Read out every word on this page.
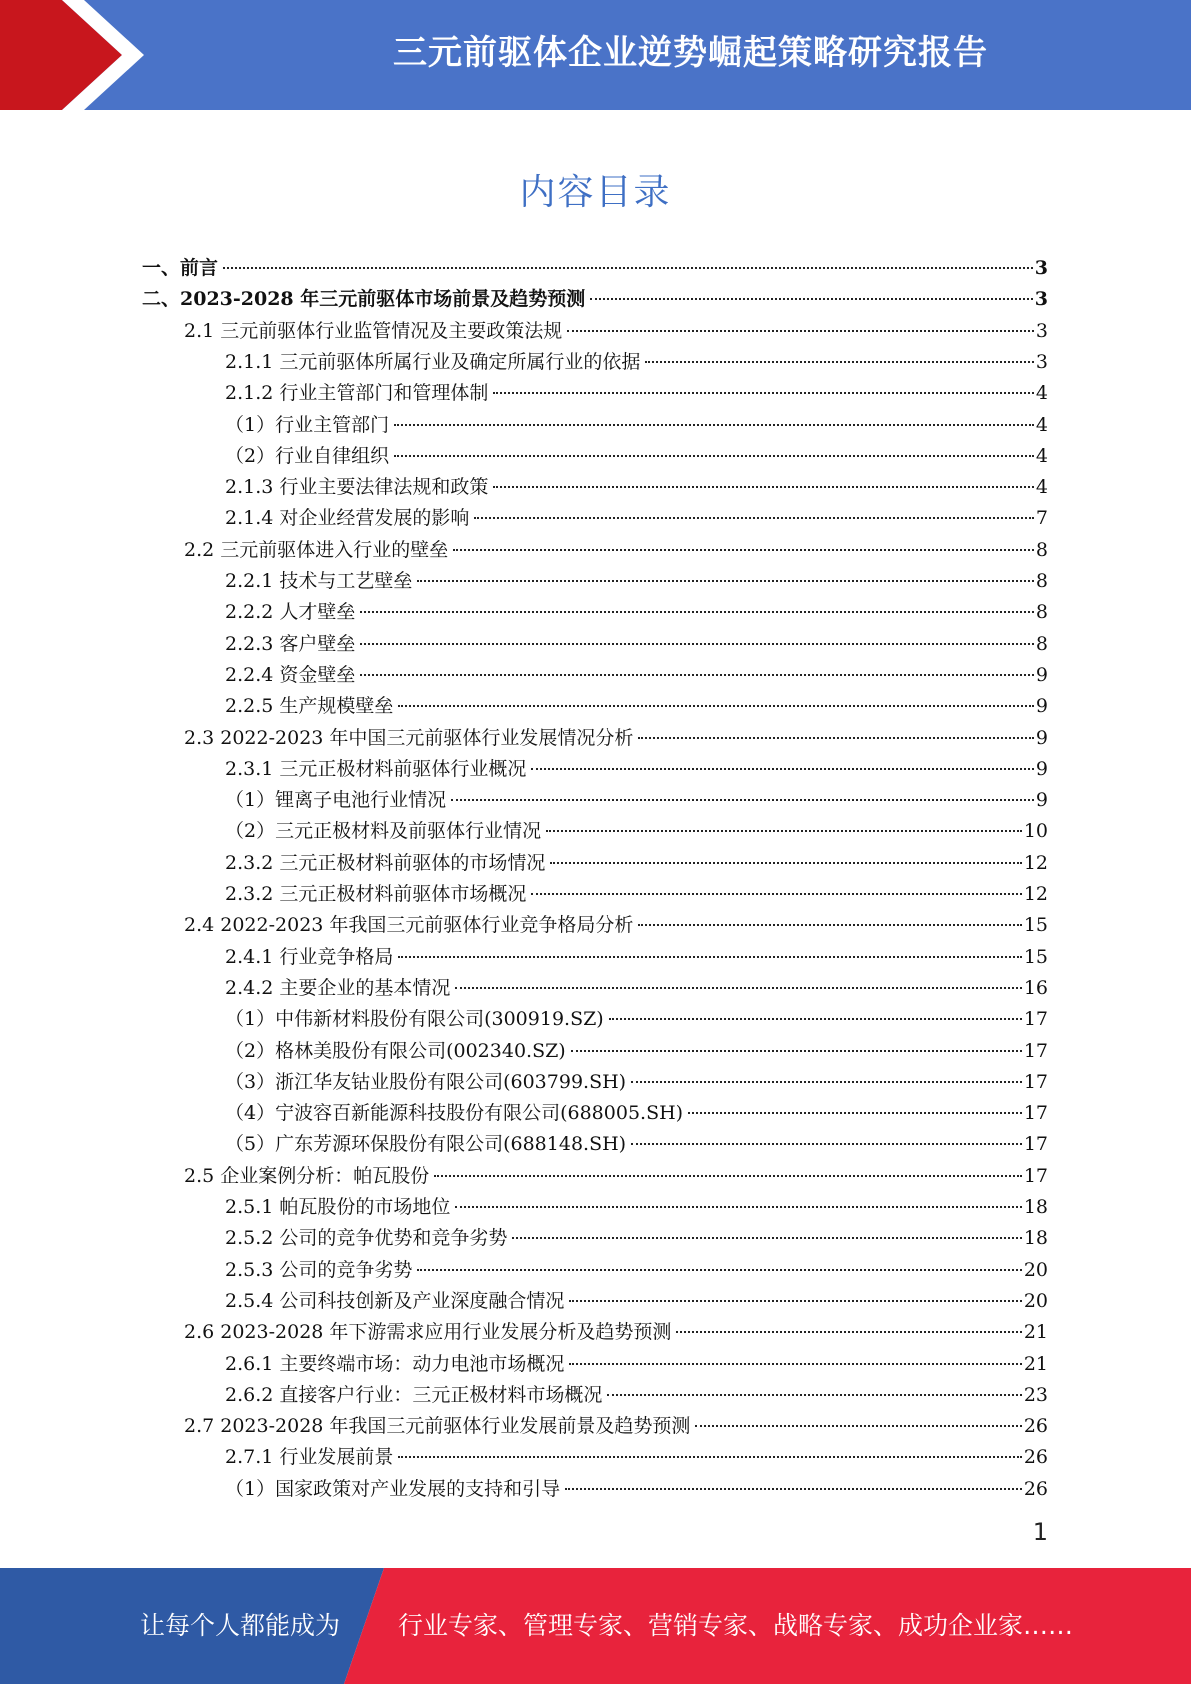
三元前驱体企业逆势崛起策略研究报告
内容目录
一、前言	3
二、2023-2028 年三元前驱体市场前景及趋势预测	3
2.1 三元前驱体行业监管情况及主要政策法规	3
2.1.1 三元前驱体所属行业及确定所属行业的依据	3
2.1.2 行业主管部门和管理体制	4
（1）行业主管部门	4
（2）行业自律组织	4
2.1.3 行业主要法律法规和政策	4
2.1.4 对企业经营发展的影响	7
2.2 三元前驱体进入行业的壁垒	8
2.2.1 技术与工艺壁垒	8
2.2.2 人才壁垒	8
2.2.3 客户壁垒	8
2.2.4 资金壁垒	9
2.2.5 生产规模壁垒	9
2.3 2022-2023 年中国三元前驱体行业发展情况分析	9
2.3.1 三元正极材料前驱体行业概况	9
（1）锂离子电池行业情况	9
（2）三元正极材料及前驱体行业情况	10
2.3.2 三元正极材料前驱体的市场情况	12
2.3.2 三元正极材料前驱体市场概况	12
2.4 2022-2023 年我国三元前驱体行业竞争格局分析	15
2.4.1 行业竞争格局	15
2.4.2 主要企业的基本情况	16
（1）中伟新材料股份有限公司(300919.SZ)	17
（2）格林美股份有限公司(002340.SZ)	17
（3）浙江华友钴业股份有限公司(603799.SH)	17
（4）宁波容百新能源科技股份有限公司(688005.SH)	17
（5）广东芳源环保股份有限公司(688148.SH)	17
2.5 企业案例分析：帕瓦股份	17
2.5.1 帕瓦股份的市场地位	18
2.5.2 公司的竞争优势和竞争劣势	18
2.5.3 公司的竞争劣势	20
2.5.4 公司科技创新及产业深度融合情况	20
2.6 2023-2028 年下游需求应用行业发展分析及趋势预测	21
2.6.1 主要终端市场：动力电池市场概况	21
2.6.2 直接客户行业：三元正极材料市场概况	23
2.7 2023-2028 年我国三元前驱体行业发展前景及趋势预测	26
2.7.1 行业发展前景	26
（1）国家政策对产业发展的支持和引导	26
1
让每个人都能成为 行业专家、管理专家、营销专家、战略专家、成功企业家……
